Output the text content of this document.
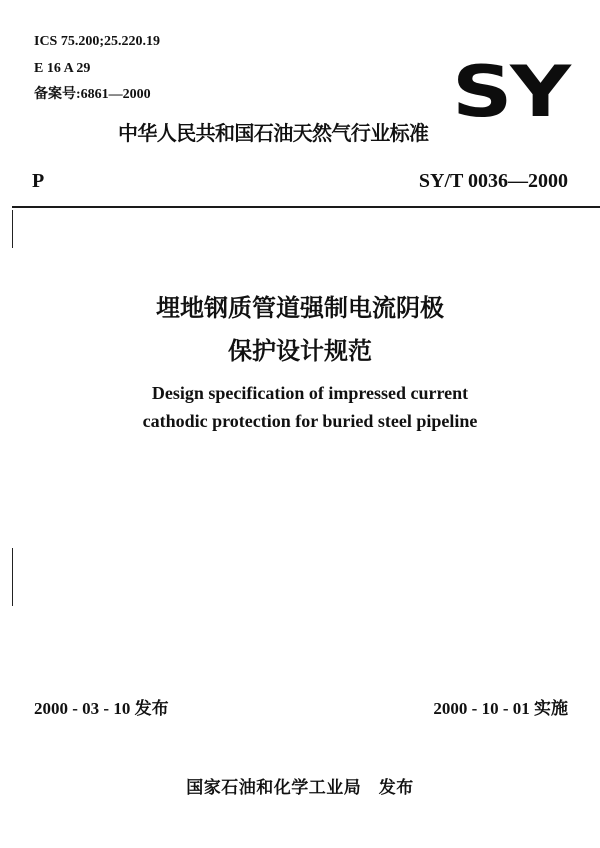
ICS 75.200;25.220.19
E 16 A 29
备案号:6861—2000	SY
中华人民共和国石油天然气行业标准
P	SY/T 0036—2000
埋地钢质管道强制电流阴极
保护设计规范
Design specification of impressed current
cathodic protection for buried steel pipeline
2000 - 03 - 10 发布	2000 - 10 - 01 实施
国家石油和化学工业局　发布
